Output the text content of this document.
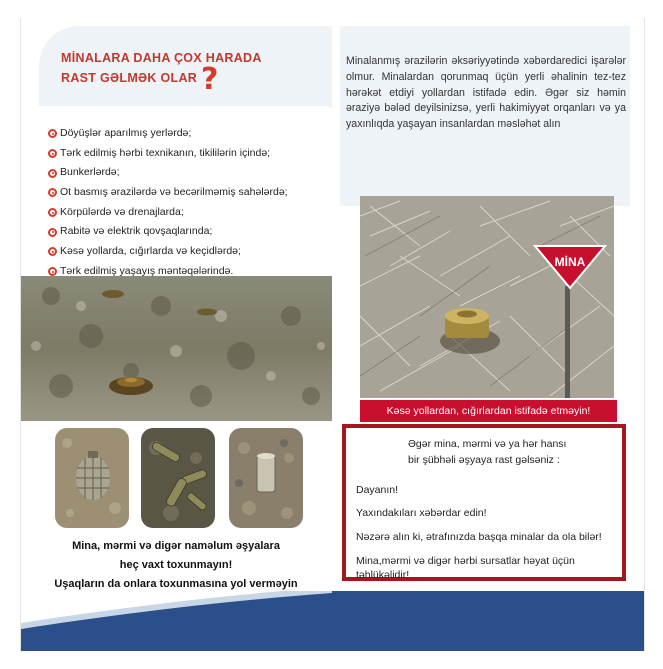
MİNALARA DAHA ÇOX HARADA
RAST GƏLMƏK OLAR ?
Döyüşlər aparılmış yerlərdə;
Tərk edilmiş hərbi texnikanın, tikililərin içində;
Bunkerlərdə;
Ot basmış ərazilərdə və becərilməmiş sahələrdə;
Körpülərdə və drenajlarda;
Rabitə və elektrik qovşaqlarında;
Kəsə yollarda, cığırlarda və keçidlərdə;
Tərk edilmiş yaşayış məntəqələrində.
Mina, mərmi və digər naməlum əşyalara
heç vaxt toxunmayın!
Uşaqların da onlara toxunmasına yol verməyin
Minalanmış ərazilərin əksəriyyətində xəbərdaredici işarələr olmur. Minalardan qorunmaq üçün yerli əhalinin tez-tez hərəkət etdiyi yollardan istifadə edin. Əgər siz həmin əraziyə bələd deyilsinizsə, yerli hakimiyyət orqanları və ya yaxınlıqda yaşayan insanlardan məsləhət alın
MİNA
Kəsə yollardan, cığırlardan istifadə etməyin!
Əgər mina, mərmi və ya hər hansı
bir şübhəli əşyaya rast gəlsəniz :
Dayanın!
Yaxındakıları xəbərdar edin!
Nəzərə alın ki, ətrafınızda başqa minalar da ola bilər!
Mina,mərmi və digər hərbi sursatlar həyat üçün
təhlükəlidir!
